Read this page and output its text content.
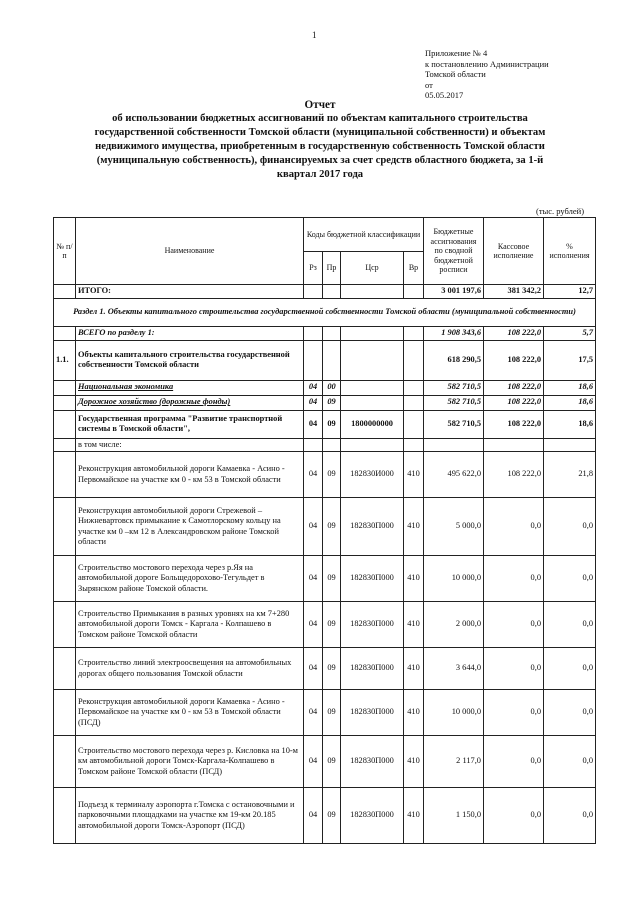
1
Приложение № 4
к постановлению Администрации
Томской области
от
05.05.2017
Отчет
об использовании бюджетных ассигнований по объектам капитального строительства
государственной собственности Томской области (муниципальной собственности) и объектам
недвижимого имущества, приобретенным в государственную собственность Томской области
(муниципальную собственность), финансируемых за счет средств областного бюджета, за 1-й
квартал 2017 года
(тыс. рублей)
№ п/п	Наименование	Коды бюджетной классификации				Бюджетные ассигнования по сводной бюджетной росписи	Кассовое исполнение	% исполнения
		Рз	Пр	Цср	Вр			
	ИТОГО:					3 001 197,6	381 342,2	12,7
Раздел 1. Объекты капитального строительства государственной собственности Томской области (муниципальной собственности)								
	ВСЕГО по разделу 1:					1 908 343,6	108 222,0	5,7
1.1.	Объекты капитального строительства государственной собственности Томской области					618 290,5	108 222,0	17,5
	Национальная экономика	04	00			582 710,5	108 222,0	18,6
	Дорожное хозяйство (дорожные фонды)	04	09			582 710,5	108 222,0	18,6
	Государственная программа "Развитие транспортной системы в Томской области",	04	09	1800000000		582 710,5	108 222,0	18,6
	в том числе:							
	Реконструкция автомобильной дороги Камаевка - Асино - Первомайское на участке км 0 - км 53 в Томской области	04	09	182830И000	410	495 622,0	108 222,0	21,8
	Реконструкция автомобильной дороги Стрежевой – Нижневартовск примыкание к Самотлорскому кольцу на участке км 0 –км 12 в Александровском районе Томской области	04	09	182830П000	410	5 000,0	0,0	0,0
	Строительство мостового перехода через р.Яя на автомобильной дороге Больщедорохово-Тегульдет в Зырянском районе Томской области.	04	09	182830П000	410	10 000,0	0,0	0,0
	Строительство Примыкания в разных уровнях на км 7+280 автомобильной дороги Томск - Каргала - Колпашево в Томском районе Томской области	04	09	182830П000	410	2 000,0	0,0	0,0
	Строительство линий электроосвещения на автомобильных дорогах общего пользования Томской области	04	09	182830П000	410	3 644,0	0,0	0,0
	Реконструкция автомобильной дороги Камаевка - Асино - Первомайское на участке км 0 - км 53 в Томской области (ПСД)	04	09	182830П000	410	10 000,0	0,0	0,0
	Строительство мостового перехода через р. Кисловка на 10-м км автомобильной дороги Томск-Каргала-Колпашево в Томском районе Томской области (ПСД)	04	09	182830П000	410	2 117,0	0,0	0,0
	Подъезд к терминалу аэропорта г.Томска с остановочными и парковочными площадками на участке км 19-км 20.185 автомобильной дороги Томск-Аэропорт (ПСД)	04	09	182830П000	410	1 150,0	0,0	0,0
